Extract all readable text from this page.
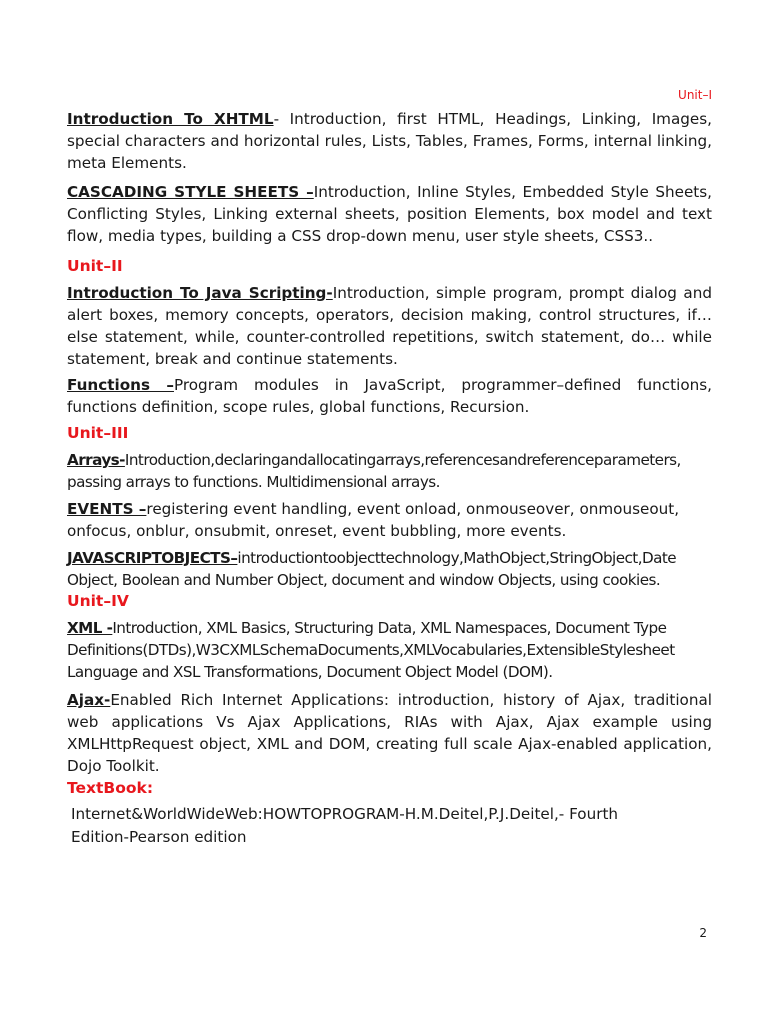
Unit–I
Introduction To XHTML- Introduction, first HTML, Headings, Linking, Images, special characters and horizontal rules, Lists, Tables, Frames, Forms, internal linking, meta Elements.
CASCADING STYLE SHEETS –Introduction, Inline Styles, Embedded Style Sheets, Conflicting Styles, Linking external sheets, position Elements, box model and text flow, media types, building a CSS drop-down menu, user style sheets, CSS3..
Unit–II
Introduction To Java Scripting-Introduction, simple program, prompt dialog and alert boxes, memory concepts, operators, decision making, control structures, if… else statement, while, counter-controlled repetitions, switch statement, do… while statement, break and continue statements.
Functions –Program modules in JavaScript, programmer–defined functions, functions definition, scope rules, global functions, Recursion.
Unit–III
Arrays-Introduction,declaringandallocatingarrays,referencesandreferenceparameters, passing arrays to functions. Multidimensional arrays.
EVENTS –registering event handling, event onload, onmouseover, onmouseout, onfocus, onblur, onsubmit, onreset, event bubbling, more events.
JAVASCRIPTOBJECTS–introductiontoobjecttechnology,MathObject,StringObject,Date Object, Boolean and Number Object, document and window Objects, using cookies.
Unit–IV
XML -Introduction, XML Basics, Structuring Data, XML Namespaces, Document Type Definitions(DTDs),W3CXMLSchemaDocuments,XMLVocabularies,ExtensibleStylesheet Language and XSL Transformations, Document Object Model (DOM).
Ajax-Enabled Rich Internet Applications: introduction, history of Ajax, traditional web applications Vs Ajax Applications, RIAs with Ajax, Ajax example using XMLHttpRequest object, XML and DOM, creating full scale Ajax-enabled application, Dojo Toolkit.
TextBook:
Internet&WorldWideWeb:HOWTOPROGRAM-H.M.Deitel,P.J.Deitel,- Fourth
Edition-Pearson edition
2
